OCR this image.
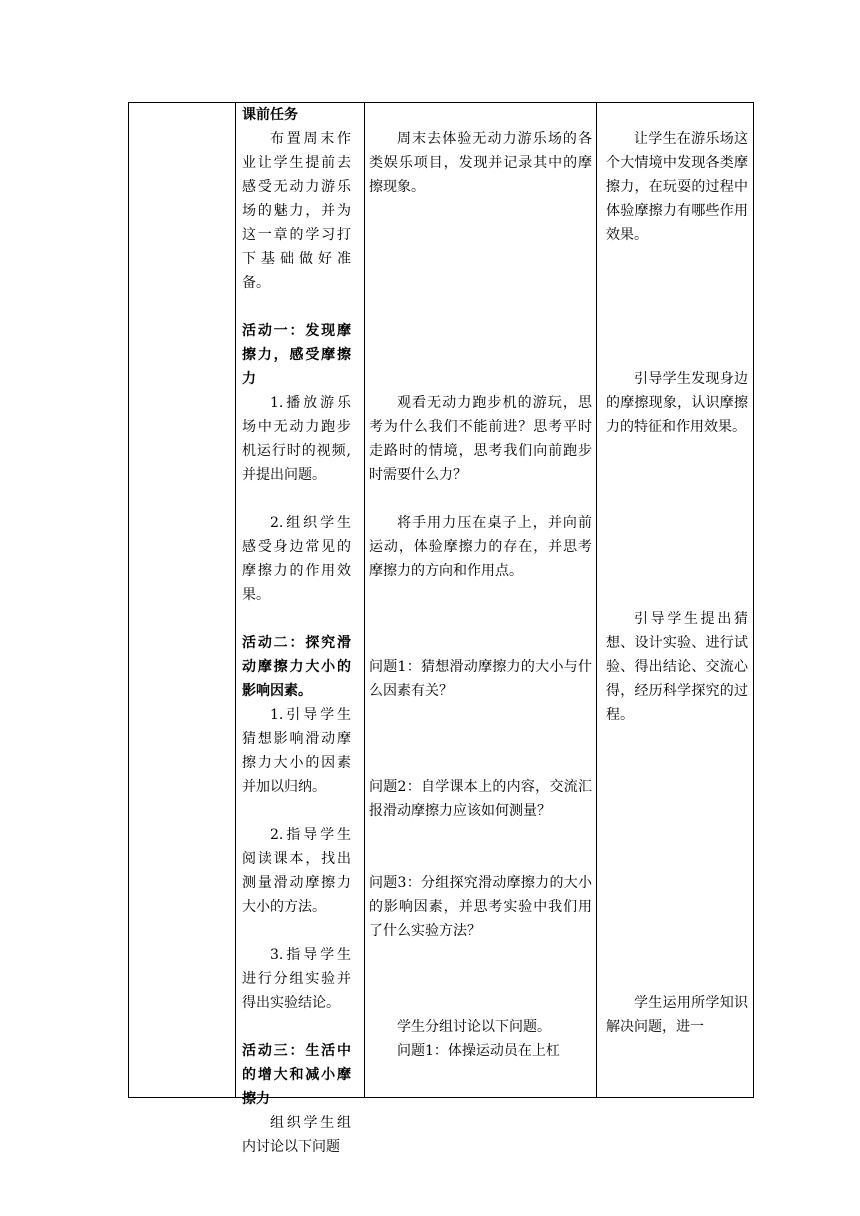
课前任务

布置周末作业让学生提前去感受无动力游乐场的魅力，并为这一章的学习打下基础做好准备。

活动一：发现摩擦力，感受摩擦力

1.播放游乐场中无动力跑步机运行时的视频,并提出问题。

2.组织学生感受身边常见的摩擦力的作用效果。

活动二：探究滑动摩擦力大小的影响因素。

1.引导学生猜想影响滑动摩擦力大小的因素并加以归纳。

2.指导学生阅读课本，找出测量滑动摩擦力大小的方法。

3.指导学生进行分组实验并得出实验结论。

活动三：生活中的增大和减小摩擦力

组织学生组内讨论以下问题

周末去体验无动力游乐场的各类娱乐项目，发现并记录其中的摩擦现象。

观看无动力跑步机的游玩，思考为什么我们不能前进？思考平时走路时的情境，思考我们向前跑步时需要什么力？

将手用力压在桌子上，并向前运动，体验摩擦力的存在，并思考摩擦力的方向和作用点。

问题1：猜想滑动摩擦力的大小与什么因素有关？

问题2：自学课本上的内容，交流汇报滑动摩擦力应该如何测量？

问题3：分组探究滑动摩擦力的大小的影响因素，并思考实验中我们用了什么实验方法？

学生分组讨论以下问题。

问题1：体操运动员在上杠

让学生在游乐场这个大情境中发现各类摩擦力，在玩耍的过程中体验摩擦力有哪些作用效果。

引导学生发现身边的摩擦现象，认识摩擦力的特征和作用效果。

引导学生提出猜想、设计实验、进行试验、得出结论、交流心得，经历科学探究的过程。

学生运用所学知识解决问题，进一
